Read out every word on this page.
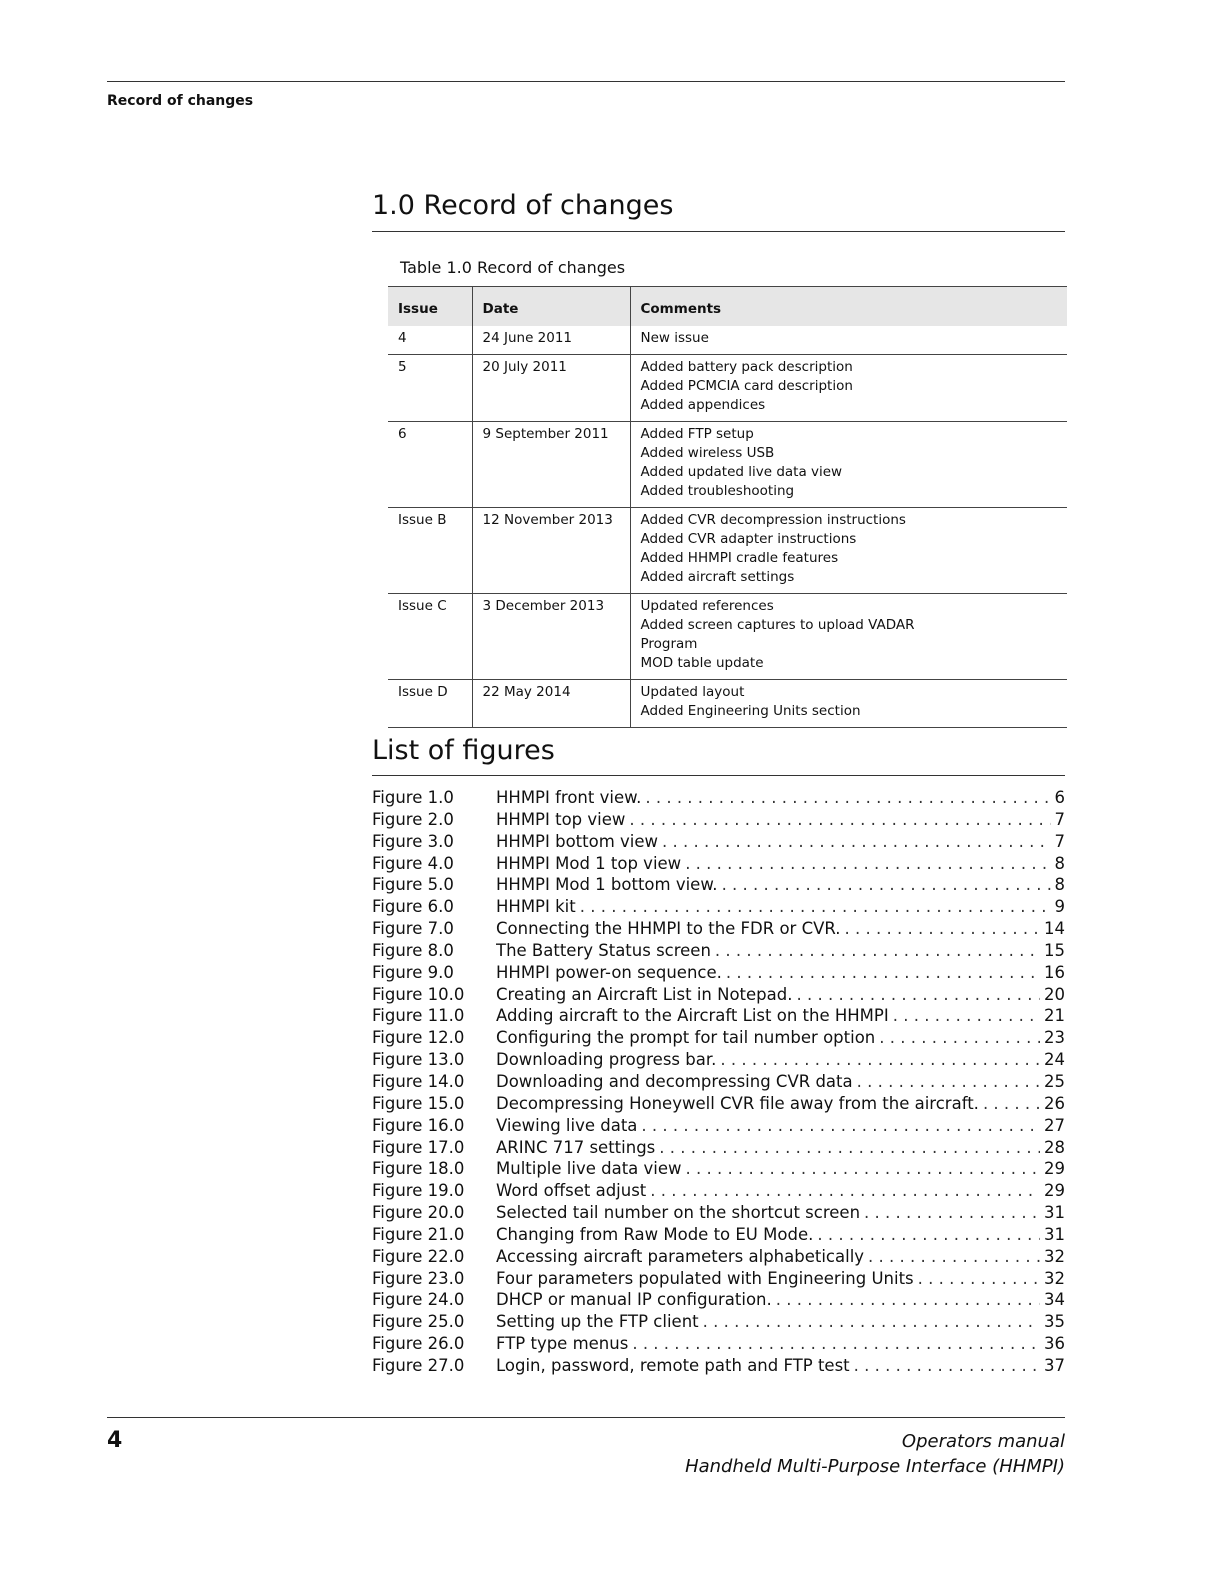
Record of changes
1.0 Record of changes
Table 1.0 Record of changes
Issue	Date	Comments
4	24 June 2011	New issue

5	20 July 2011	Added battery pack description
Added PCMCIA card description
Added appendices

6	9 September 2011	Added FTP setup
Added wireless USB
Added updated live data view
Added troubleshooting

Issue B	12 November 2013	Added CVR decompression instructions
Added CVR adapter instructions
Added HHMPI cradle features
Added aircraft settings

Issue C	3 December 2013	Updated references
Added screen captures to upload VADAR
Program
MOD table update

Issue D	22 May 2014	Updated layout
Added Engineering Units section
List of figures
Figure 1.0	HHMPI front view. . . .	6
Figure 2.0	HHMPI top view . . .	7
Figure 3.0	HHMPI bottom view . . .	7
Figure 4.0	HHMPI Mod 1 top view . . .	8
Figure 5.0	HHMPI Mod 1 bottom view. . . .	8
Figure 6.0	HHMPI kit . . .	9
Figure 7.0	Connecting the HHMPI to the FDR or CVR. . . .	14
Figure 8.0	The Battery Status screen . . .	15
Figure 9.0	HHMPI power-on sequence. . . .	16
Figure 10.0 Creating an Aircraft List in Notepad. . . .	20
Figure 11.0 Adding aircraft to the Aircraft List on the HHMPI . . .	21
Figure 12.0 Configuring the prompt for tail number option . . .	23
Figure 13.0 Downloading progress bar. . . .	24
Figure 14.0 Downloading and decompressing CVR data . . .	25
Figure 15.0 Decompressing Honeywell CVR file away from the aircraft. . . .	26
Figure 16.0 Viewing live data . . .	27
Figure 17.0 ARINC 717 settings . . .	28
Figure 18.0 Multiple live data view . . .	29
Figure 19.0 Word offset adjust . . .	29
Figure 20.0 Selected tail number on the shortcut screen . . .	31
Figure 21.0 Changing from Raw Mode to EU Mode. . . .	31
Figure 22.0 Accessing aircraft parameters alphabetically . . .	32
Figure 23.0 Four parameters populated with Engineering Units . . .	32
Figure 24.0 DHCP or manual IP configuration. . . .	34
Figure 25.0 Setting up the FTP client . . .	35
Figure 26.0 FTP type menus . . .	36
Figure 27.0 Login, password, remote path and FTP test . . .	37
4	Operators manual
Handheld Multi-Purpose Interface (HHMPI)
